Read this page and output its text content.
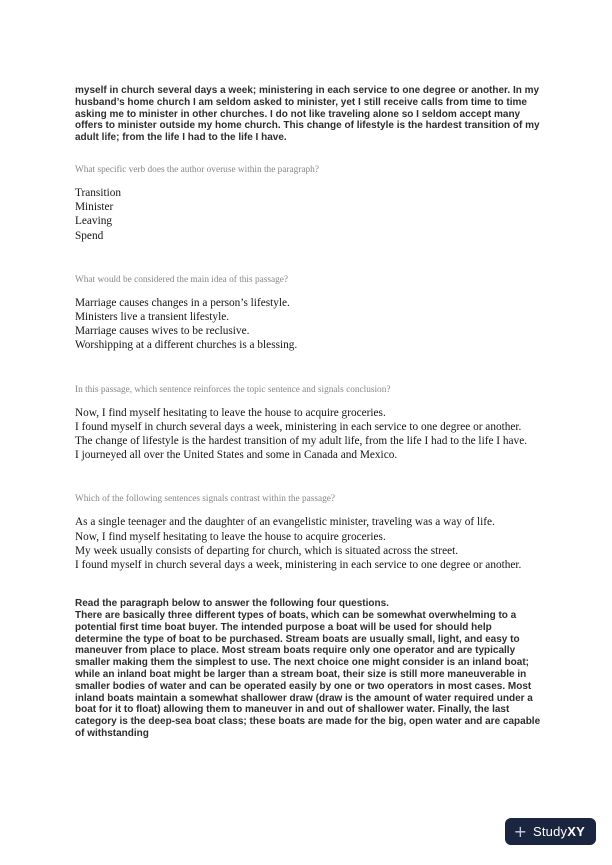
myself in church several days a week; ministering in each service to one degree or another. In my husband’s home church I am seldom asked to minister, yet I still receive calls from time to time asking me to minister in other churches. I do not like traveling alone so I seldom accept many offers to minister outside my home church. This change of lifestyle is the hardest transition of my adult life; from the life I had to the life I have.

What specific verb does the author overuse within the paragraph?

Transition
Minister
Leaving
Spend

What would be considered the main idea of this passage?

Marriage causes changes in a person’s lifestyle.
Ministers live a transient lifestyle.
Marriage causes wives to be reclusive.
Worshipping at a different churches is a blessing.

In this passage, which sentence reinforces the topic sentence and signals conclusion?

Now, I find myself hesitating to leave the house to acquire groceries.
I found myself in church several days a week, ministering in each service to one degree or another.
The change of lifestyle is the hardest transition of my adult life, from the life I had to the life I have.
I journeyed all over the United States and some in Canada and Mexico.

Which of the following sentences signals contrast within the passage?

As a single teenager and the daughter of an evangelistic minister, traveling was a way of life.
Now, I find myself hesitating to leave the house to acquire groceries.
My week usually consists of departing for church, which is situated across the street.
I found myself in church several days a week, ministering in each service to one degree or another.

Read the paragraph below to answer the following four questions.

There are basically three different types of boats, which can be somewhat overwhelming to a potential first time boat buyer. The intended purpose a boat will be used for should help determine the type of boat to be purchased. Stream boats are usually small, light, and easy to maneuver from place to place. Most stream boats require only one operator and are typically smaller making them the simplest to use. The next choice one might consider is an inland boat; while an inland boat might be larger than a stream boat, their size is still more maneuverable in smaller bodies of water and can be operated easily by one or two operators in most cases. Most inland boats maintain a somewhat shallower draw (draw is the amount of water required under a boat for it to float) allowing them to maneuver in and out of shallower water. Finally, the last category is the deep-sea boat class; these boats are made for the big, open water and are capable of withstanding

+ StudyXY
